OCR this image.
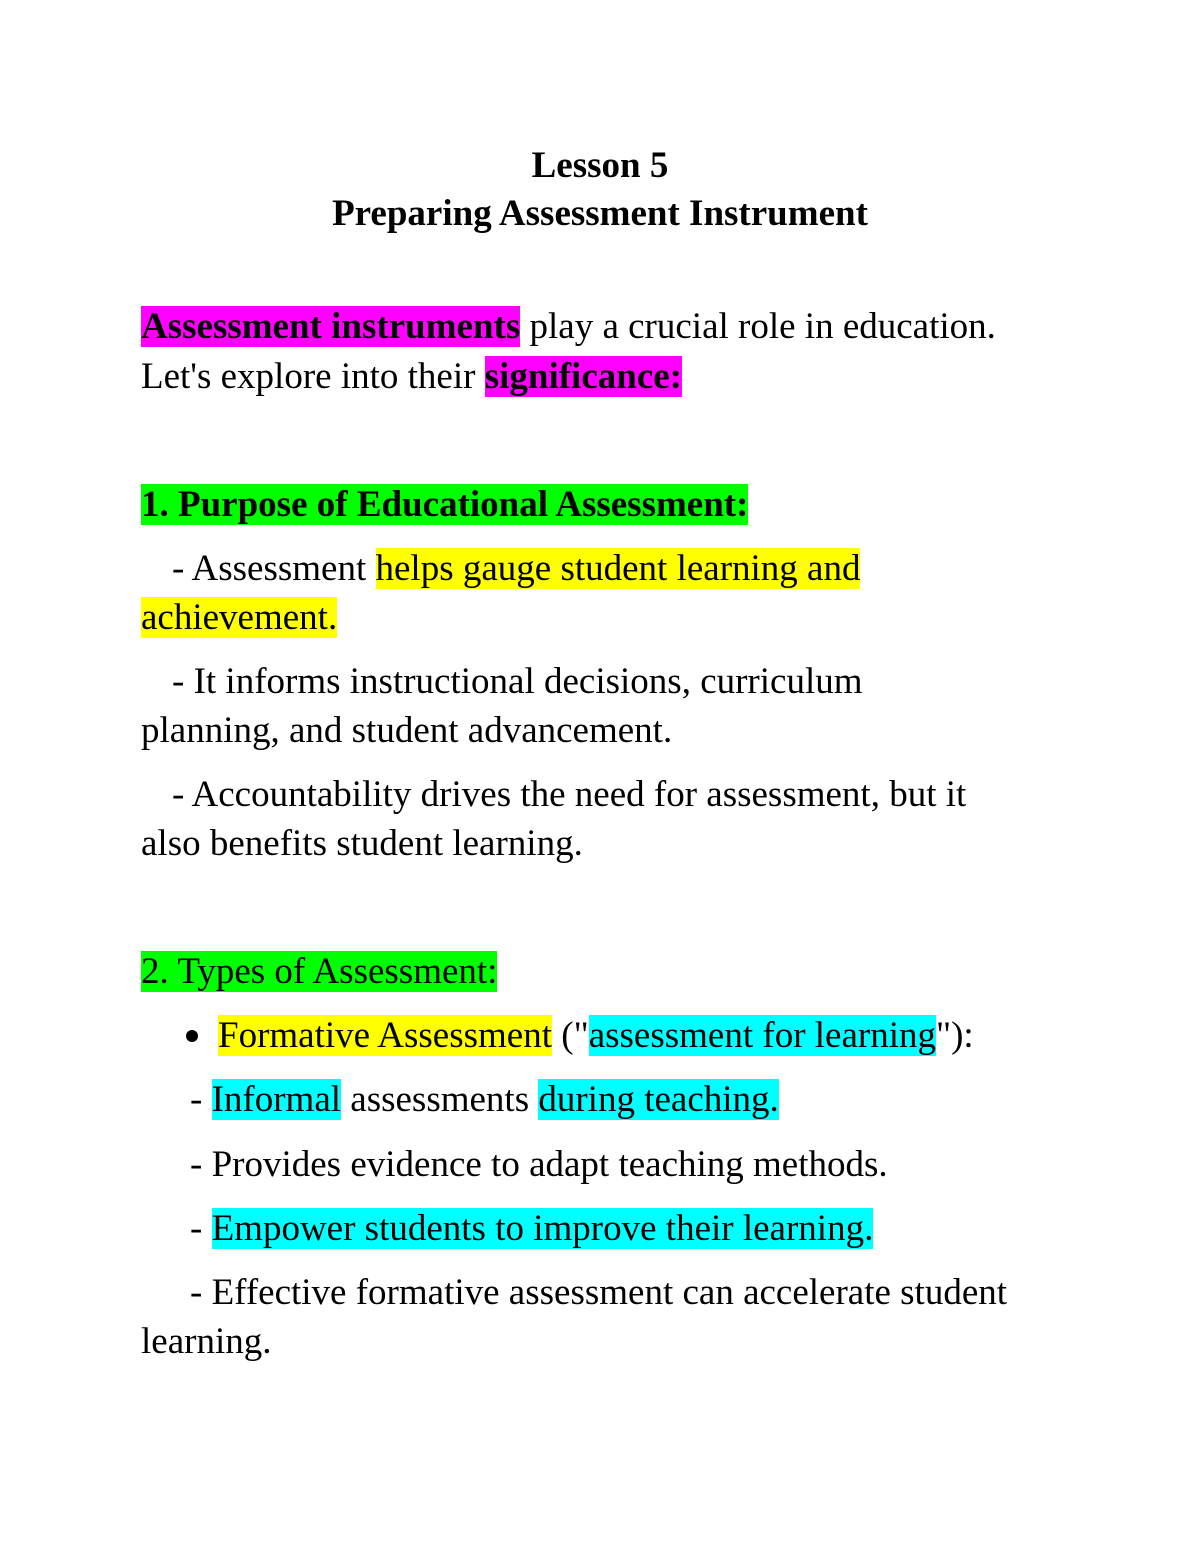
Lesson 5
Preparing Assessment Instrument
Assessment instruments play a crucial role in education.
Let's explore into their significance:
1. Purpose of Educational Assessment:
- Assessment helps gauge student learning and
achievement.
- It informs instructional decisions, curriculum
planning, and student advancement.
- Accountability drives the need for assessment, but it
also benefits student learning.
2. Types of Assessment:
Formative Assessment ("assessment for learning"):
- Informal assessments during teaching.
- Provides evidence to adapt teaching methods.
- Empower students to improve their learning.
- Effective formative assessment can accelerate student
learning.
